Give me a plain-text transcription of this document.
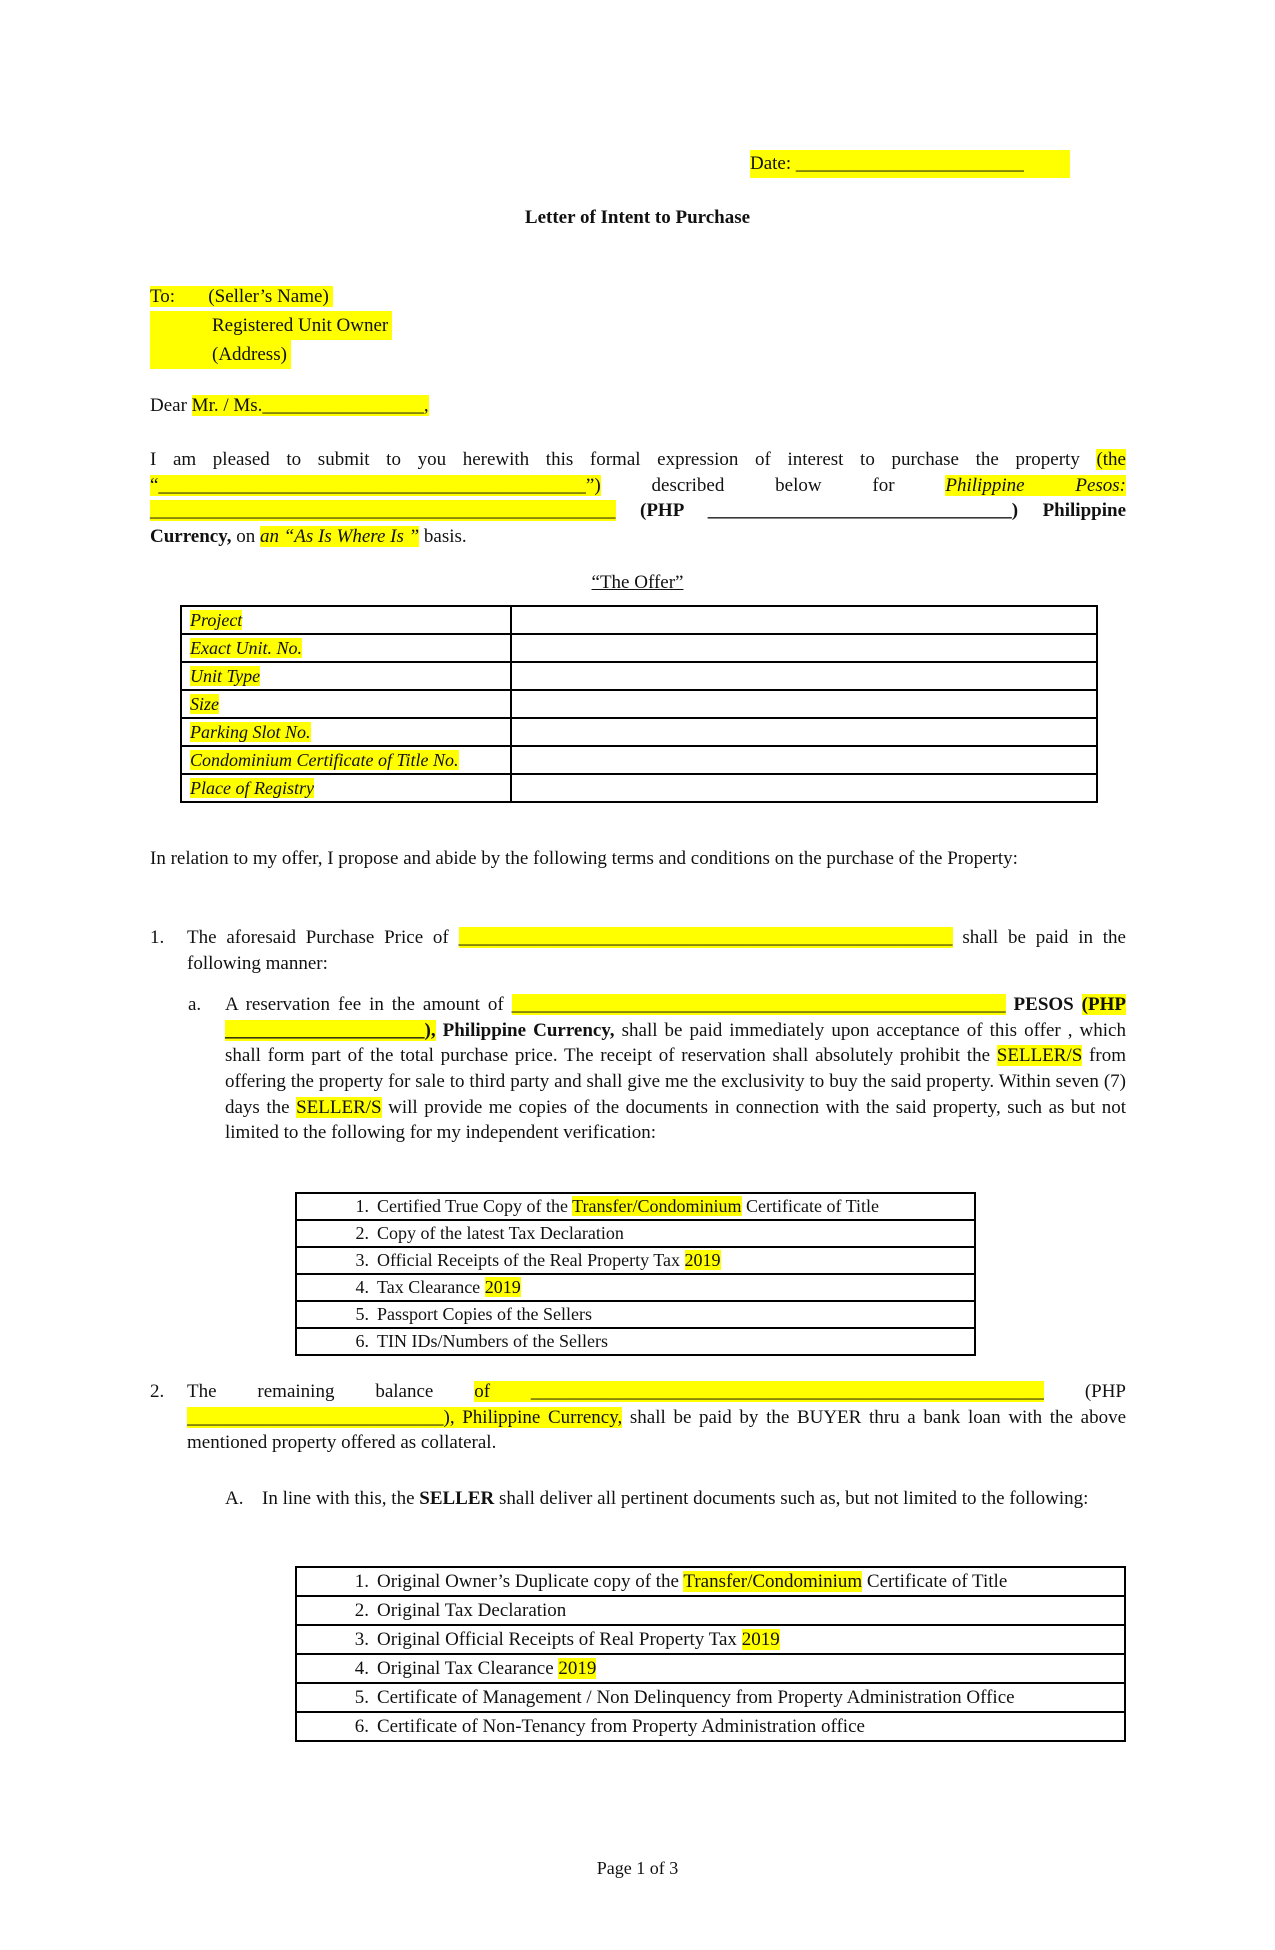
Date: ________________________
Letter of Intent to Purchase
To:       (Seller’s Name)
Registered Unit Owner
(Address)
Dear Mr. / Ms._________________,
I am pleased to submit to you herewith this formal expression of interest to purchase the property (the “_____________________________________________”) described below for Philippine Pesos: _________________________________________________ (PHP ________________________________) Philippine Currency, on an “As Is Where Is ” basis.
“The Offer”
Project	
Exact Unit. No.	
Unit Type	
Size	
Parking Slot No.	
Condominium Certificate of Title No.	
Place of Registry	
In relation to my offer, I propose and abide by the following terms and conditions on the purchase of the Property:
1. The aforesaid Purchase Price of ____________________________________________________ shall be paid in the following manner:
a. A reservation fee in the amount of ____________________________________________________ PESOS (PHP _____________________), Philippine Currency, shall be paid immediately upon acceptance of this offer , which shall form part of the total purchase price. The receipt of reservation shall absolutely prohibit the SELLER/S from offering the property for sale to third party and shall give me the exclusivity to buy the said property. Within seven (7) days the SELLER/S will provide me copies of the documents in connection with the said property, such as but not limited to the following for my independent verification:
1.	Certified True Copy of the Transfer/Condominium Certificate of Title
2.	Copy of the latest Tax Declaration
3.	Official Receipts of the Real Property Tax 2019
4.	Tax Clearance 2019
5.	Passport Copies of the Sellers
6.	TIN IDs/Numbers of the Sellers
2. The remaining balance of ______________________________________________________ (PHP ___________________________), Philippine Currency, shall be paid by the BUYER thru a bank loan with the above mentioned property offered as collateral.
A. In line with this, the SELLER shall deliver all pertinent documents such as, but not limited to the following:
1.	Original Owner’s Duplicate copy of the Transfer/Condominium Certificate of Title
2.	Original Tax Declaration
3.	Original Official Receipts of Real Property Tax 2019
4.	Original Tax Clearance 2019
5.	Certificate of Management / Non Delinquency from Property Administration Office
6.	Certificate of Non-Tenancy from Property Administration office
Page 1 of 3
